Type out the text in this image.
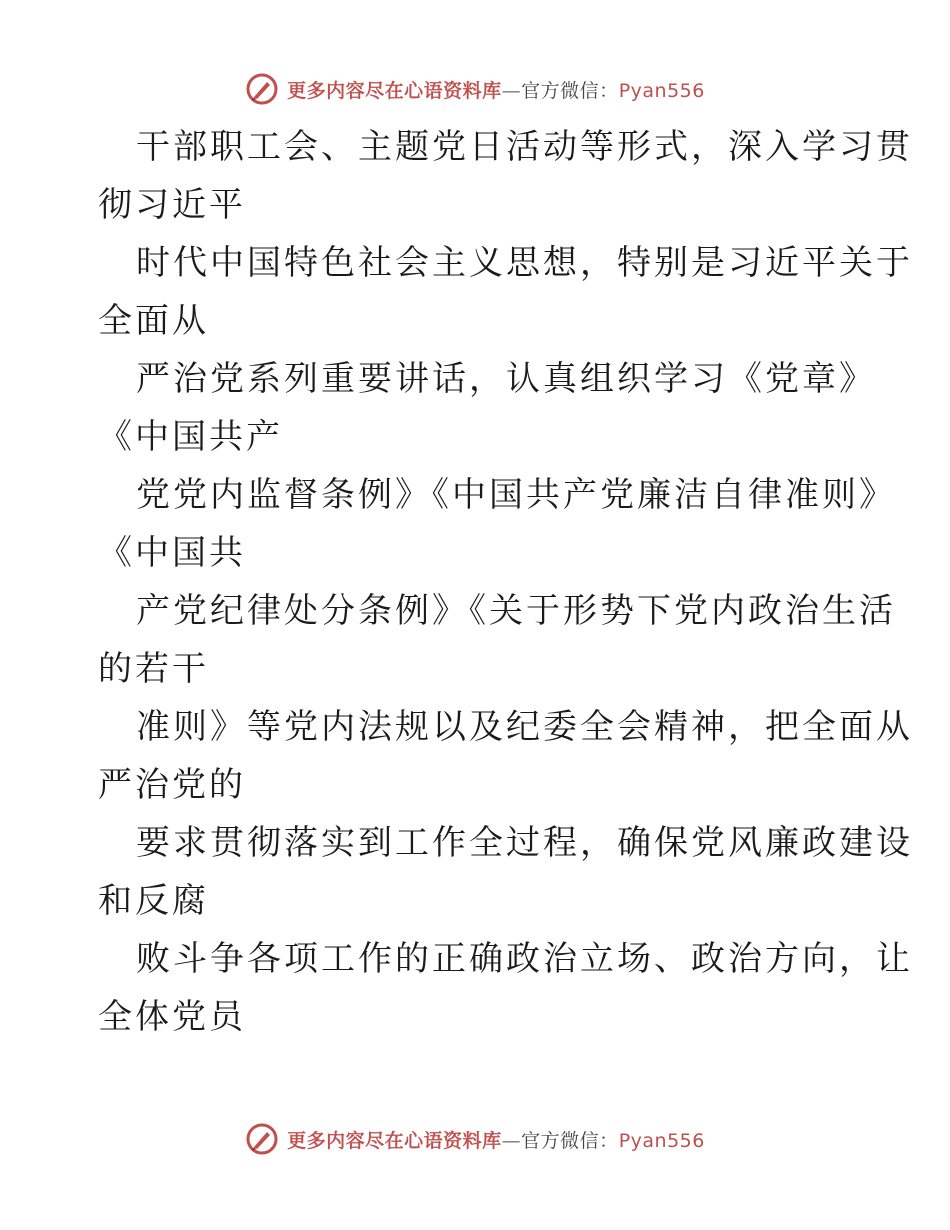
更多内容尽在心语资料库—官方微信：Pyan556
干部职工会、主题党日活动等形式，深入学习贯
彻习近平
时代中国特色社会主义思想，特别是习近平关于
全面从
严治党系列重要讲话，认真组织学习《党章》
《中国共产
党党内监督条例》《中国共产党廉洁自律准则》
《中国共
产党纪律处分条例》《关于形势下党内政治生活
的若干
准则》等党内法规以及纪委全会精神，把全面从
严治党的
要求贯彻落实到工作全过程，确保党风廉政建设
和反腐
败斗争各项工作的正确政治立场、政治方向，让
全体党员
更多内容尽在心语资料库—官方微信：Pyan556
